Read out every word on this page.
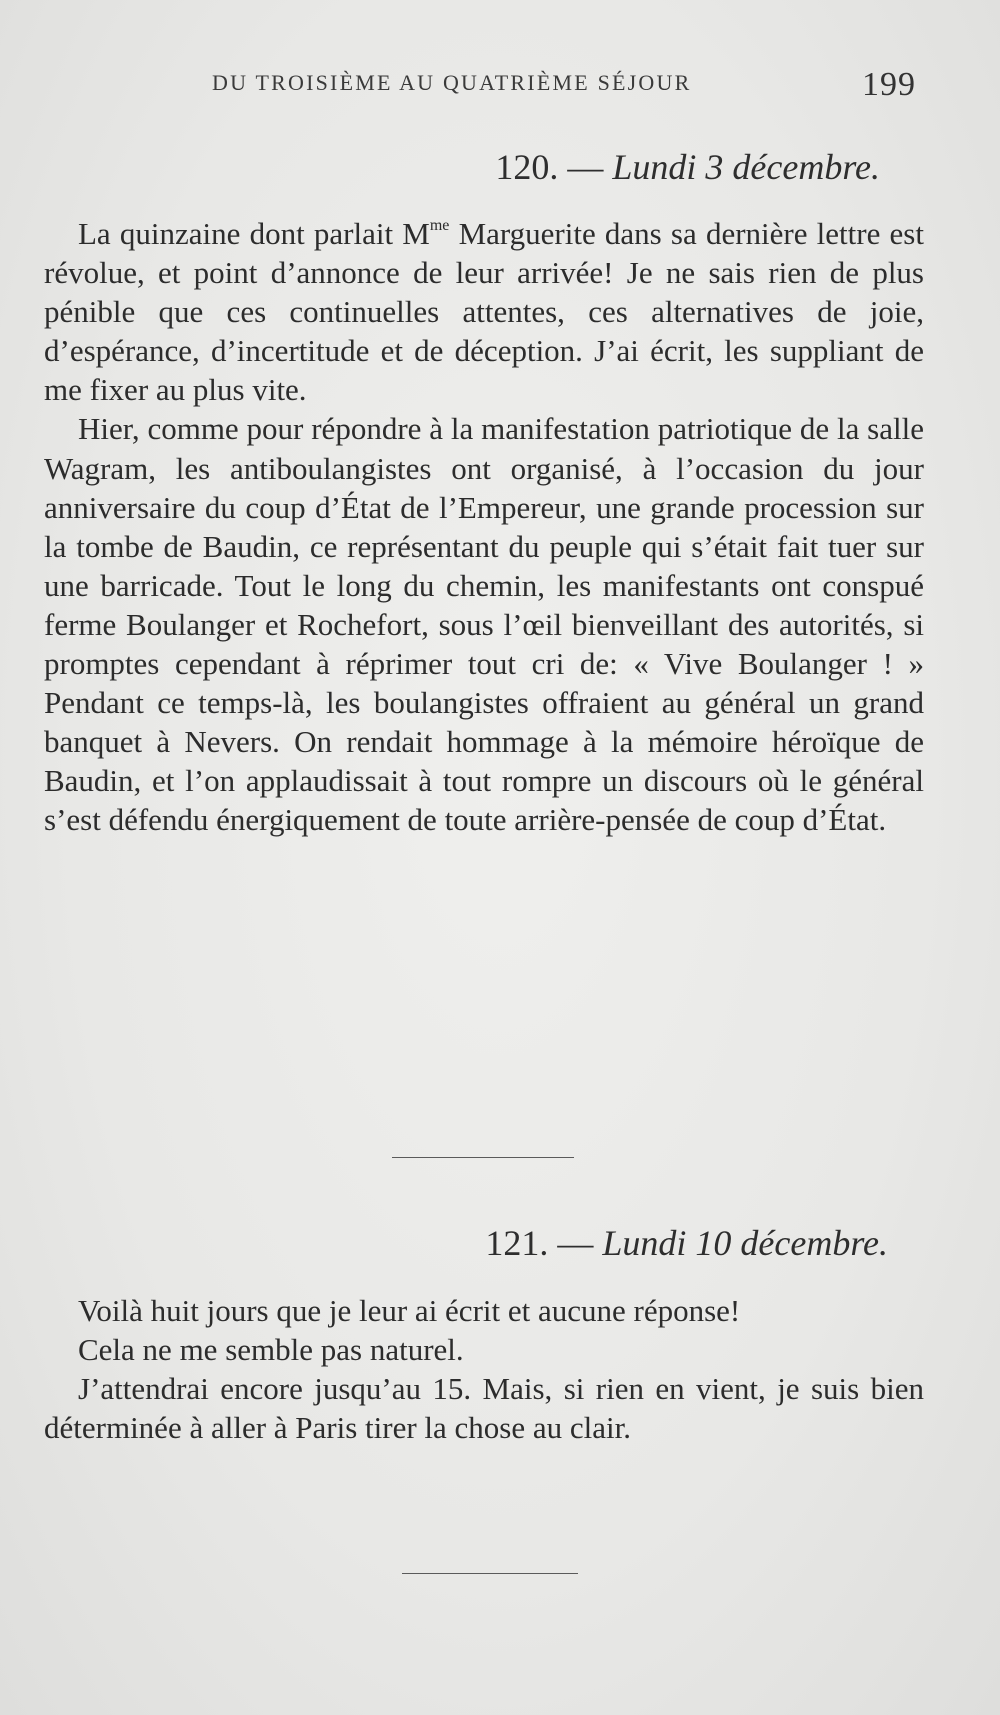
DU TROISIÈME AU QUATRIÈME SÉJOUR	199
120. — Lundi 3 décembre.

La quinzaine dont parlait $M^{me}$ Marguerite dans sa dernière lettre est révolue, et point d’annonce de leur arrivée! Je ne sais rien de plus pénible que ces continuelles attentes, ces alternatives de joie, d’espérance, d’incertitude et de déception. J’ai écrit, les suppliant de me fixer au plus vite.

Hier, comme pour répondre à la manifestation patriotique de la salle Wagram, les antiboulangistes ont organisé, à l’occasion du jour anniversaire du coup d’État de l’Empereur, une grande procession sur la tombe de Baudin, ce représentant du peuple qui s’était fait tuer sur une barricade. Tout le long du chemin, les manifestants ont conspué ferme Boulanger et Rochefort, sous l’œil bienveillant des autorités, si promptes cependant à réprimer tout cri de: « Vive Boulanger ! » Pendant ce temps-là, les boulangistes offraient au général un grand banquet à Nevers. On rendait hommage à la mémoire héroïque de Baudin, et l’on applaudissait à tout rompre un discours où le général s’est défendu énergiquement de toute arrière-pensée de coup d’État.

121. — Lundi 10 décembre.

Voilà huit jours que je leur ai écrit et aucune réponse!

Cela ne me semble pas naturel.

J’attendrai encore jusqu’au 15. Mais, si rien en vient, je suis bien déterminée à aller à Paris tirer la chose au clair.
